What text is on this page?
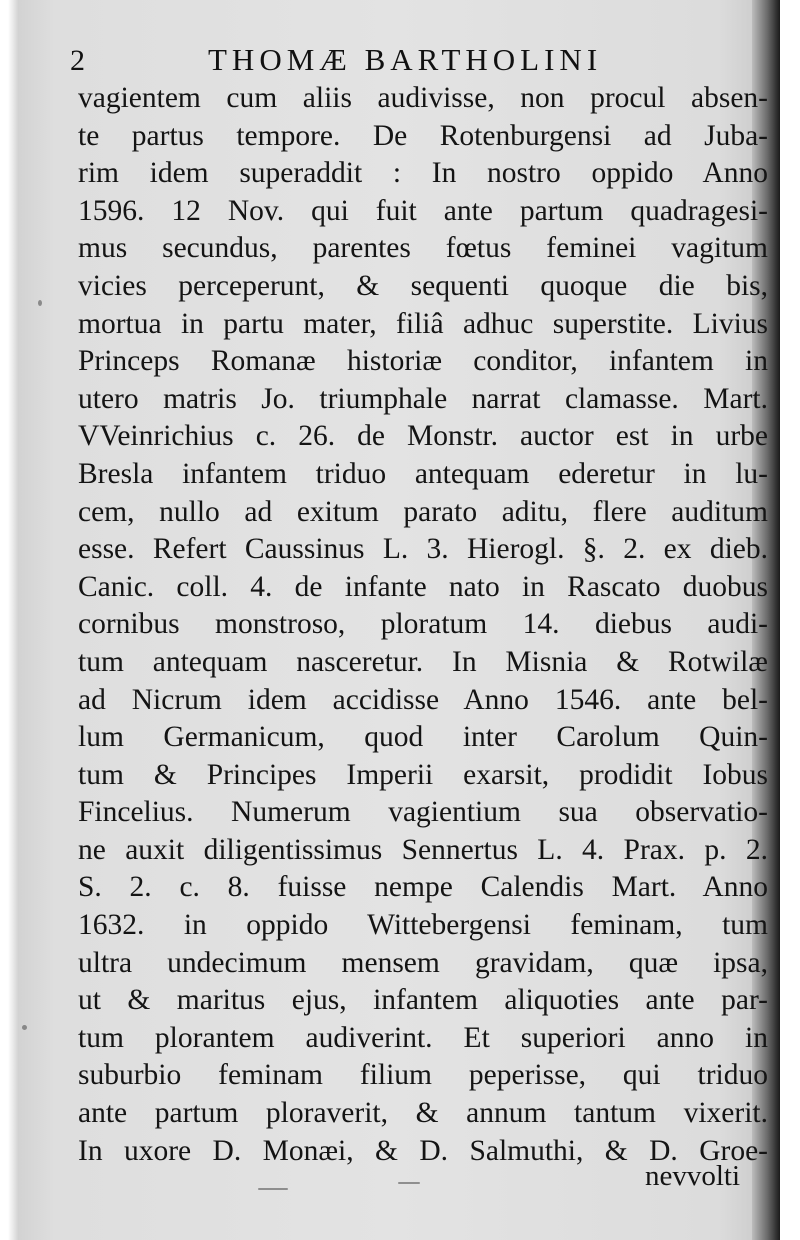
2	THOMÆ BARTHOLINI
vagientem cum aliis audivisse, non procul absen-
te partus tempore. De Rotenburgensi ad Juba-
rim idem superaddit : In nostro oppido Anno
1596. 12 Nov. qui fuit ante partum quadragesi-
mus secundus, parentes fœtus feminei vagitum
vicies perceperunt, & sequenti quoque die bis,
mortua in partu mater, filiâ adhuc superstite. Livius
Princeps Romanæ historiæ conditor, infantem in
utero matris Jo. triumphale narrat clamasse. Mart.
VVeinrichius c. 26. de Monstr. auctor est in urbe
Bresla infantem triduo antequam ederetur in lu-
cem, nullo ad exitum parato aditu, flere auditum
esse. Refert Caussinus L. 3. Hierogl. §. 2. ex dieb.
Canic. coll. 4. de infante nato in Rascato duobus
cornibus monstroso, ploratum 14. diebus audi-
tum antequam nasceretur. In Misnia & Rotwilæ
ad Nicrum idem accidisse Anno 1546. ante bel-
lum Germanicum, quod inter Carolum Quin-
tum & Principes Imperii exarsit, prodidit Iobus
Fincelius. Numerum vagientium sua observatio-
ne auxit diligentissimus Sennertus L. 4. Prax. p. 2.
S. 2. c. 8. fuisse nempe Calendis Mart. Anno
1632. in oppido Wittebergensi feminam, tum
ultra undecimum mensem gravidam, quæ ipsa,
ut & maritus ejus, infantem aliquoties ante par-
tum plorantem audiverint. Et superiori anno in
suburbio feminam filium peperisse, qui triduo
ante partum ploraverit, & annum tantum vixerit.
In uxore D. Monæi, & D. Salmuthi, & D. Groe-
nevvolti
